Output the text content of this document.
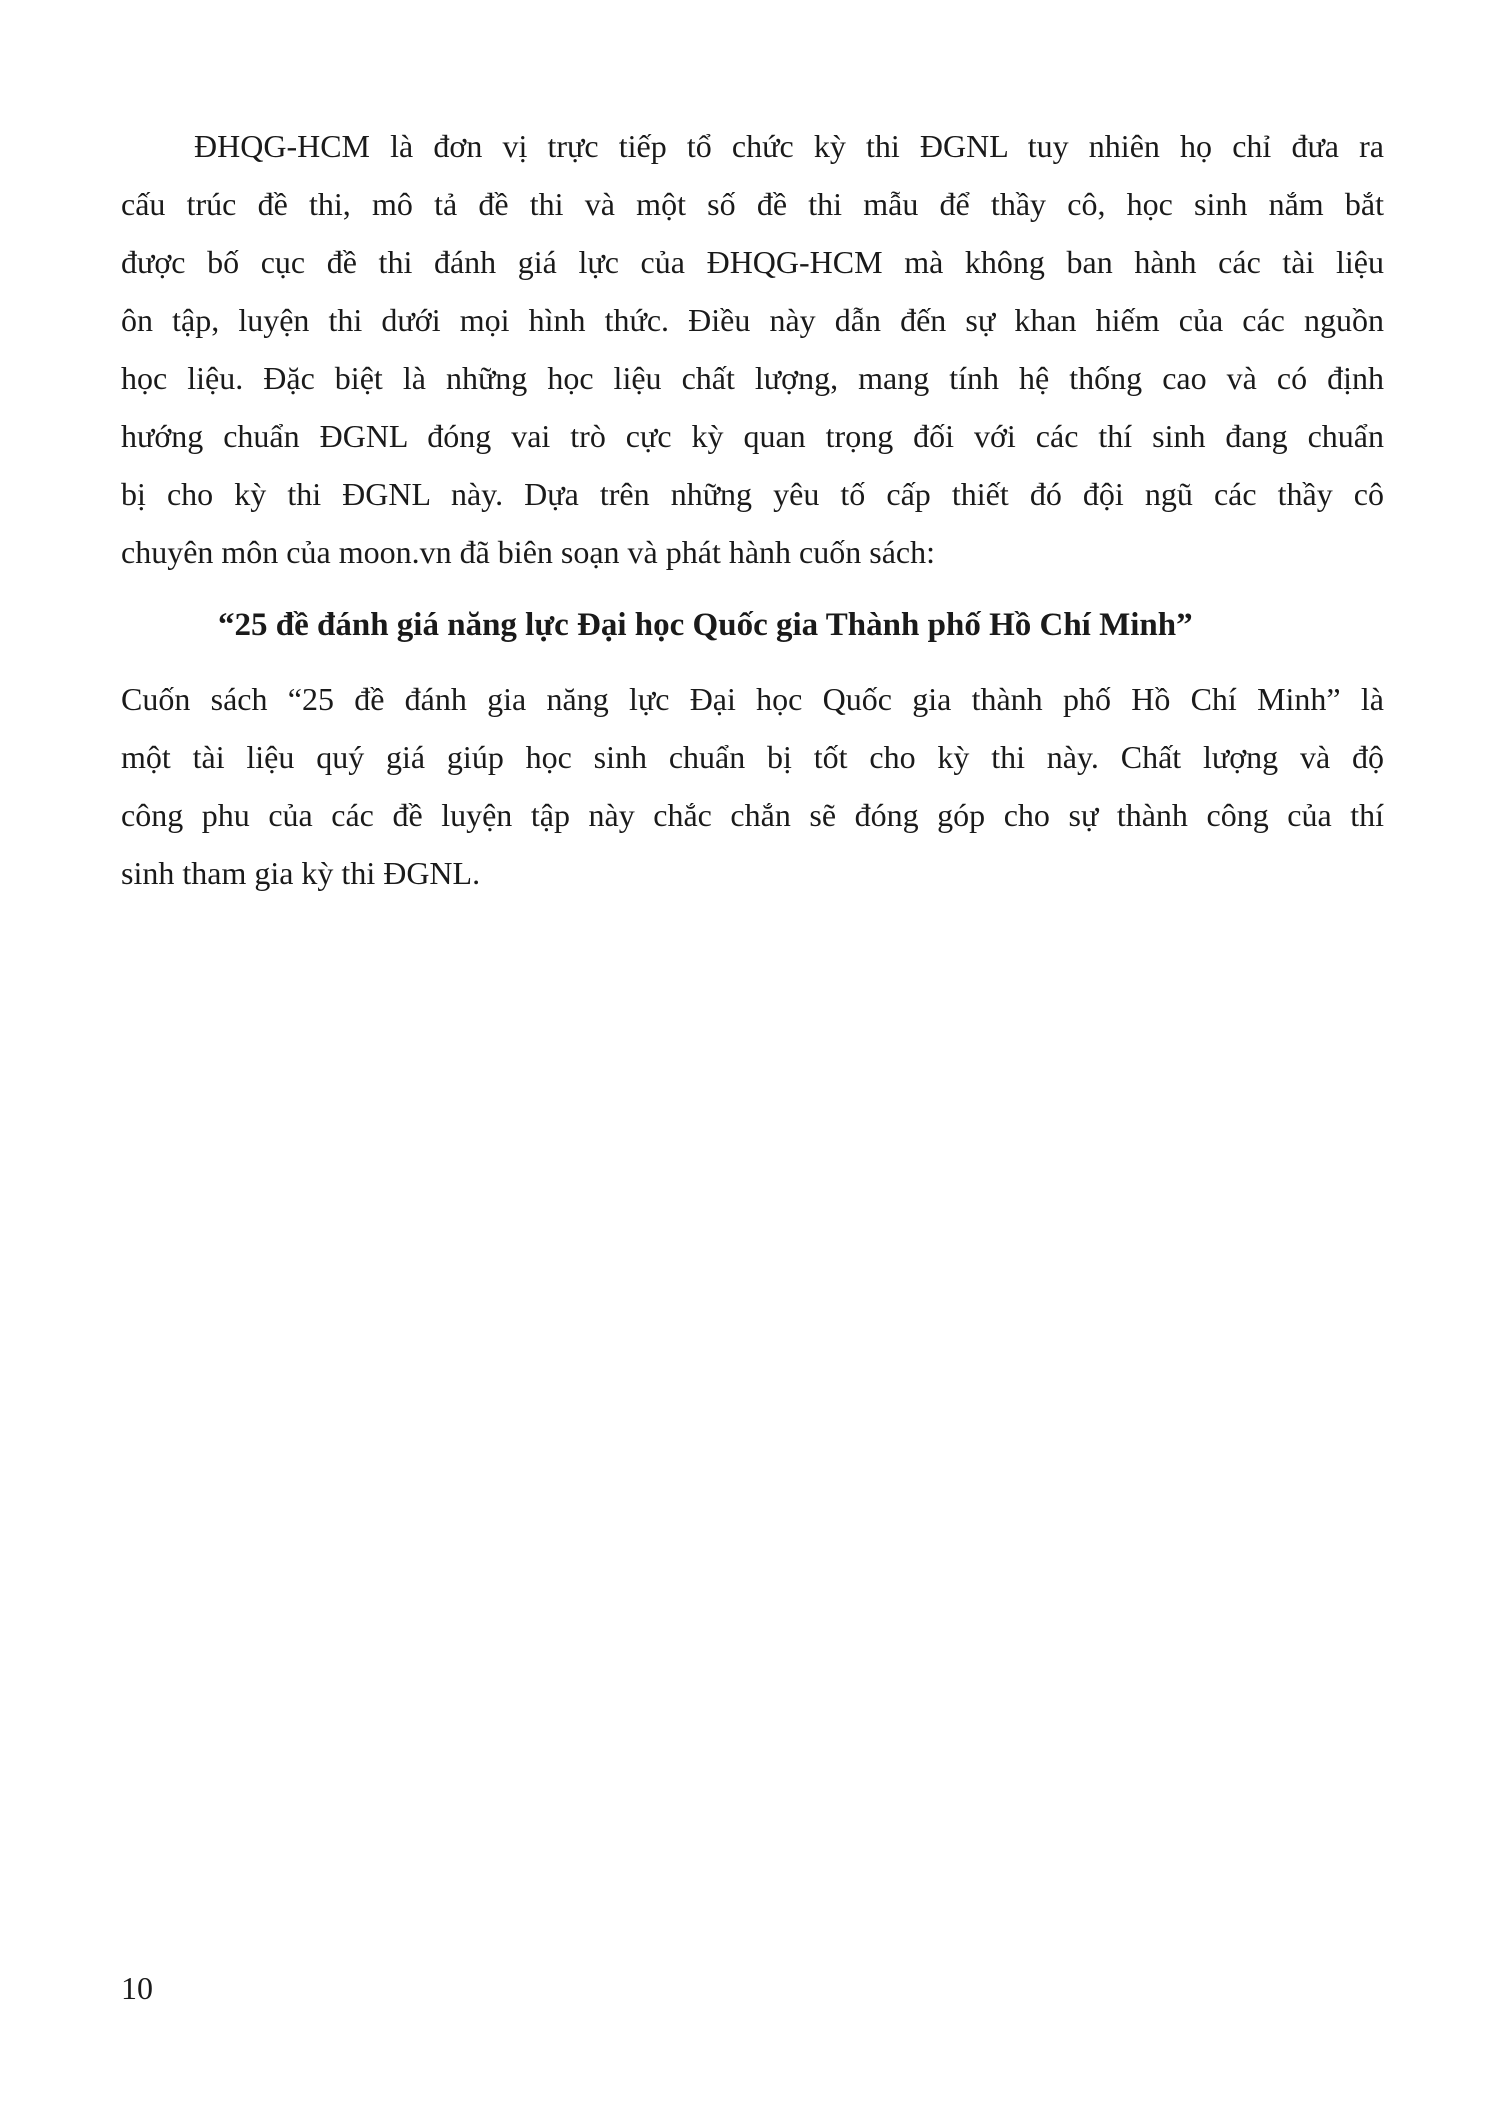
ĐHQG-HCM là đơn vị trực tiếp tổ chức kỳ thi ĐGNL tuy nhiên họ chỉ đưa ra
cấu trúc đề thi, mô tả đề thi và một số đề thi mẫu để thầy cô, học sinh nắm bắt
được bố cục đề thi đánh giá lực của ĐHQG-HCM mà không ban hành các tài liệu
ôn tập, luyện thi dưới mọi hình thức. Điều này dẫn đến sự khan hiếm của các nguồn
học liệu. Đặc biệt là những học liệu chất lượng, mang tính hệ thống cao và có định
hướng chuẩn ĐGNL đóng vai trò cực kỳ quan trọng đối với các thí sinh đang chuẩn
bị cho kỳ thi ĐGNL này. Dựa trên những yêu tố cấp thiết đó đội ngũ các thầy cô
chuyên môn của moon.vn đã biên soạn và phát hành cuốn sách:

“25 đề đánh giá năng lực Đại học Quốc gia Thành phố Hồ Chí Minh”

Cuốn sách “25 đề đánh gia năng lực Đại học Quốc gia thành phố Hồ Chí Minh” là
một tài liệu quý giá giúp học sinh chuẩn bị tốt cho kỳ thi này. Chất lượng và độ
công phu của các đề luyện tập này chắc chắn sẽ đóng góp cho sự thành công của thí
sinh tham gia kỳ thi ĐGNL.

10
